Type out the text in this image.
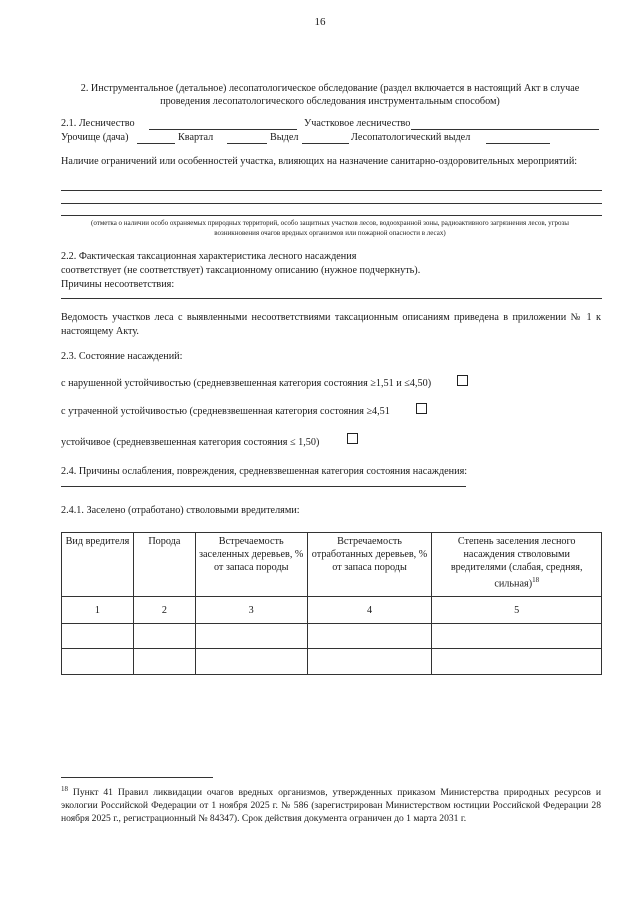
16
2. Инструментальное (детальное) лесопатологическое обследование (раздел включается в настоящий Акт в случае проведения лесопатологического обследования инструментальным способом)
2.1. Лесничество	Участковое лесничество
Урочище (дача)	Квартал	Выдел	Лесопатологический выдел
Наличие ограничений или особенностей участка, влияющих на назначение санитарно-оздоровительных мероприятий:
(отметка о наличии особо охраняемых природных территорий, особо защитных участков лесов, водоохранной зоны, радиоактивного загрязнения лесов, угрозы возникновения очагов вредных организмов или пожарной опасности в лесах)
2.2. Фактическая таксационная характеристика лесного насаждения
соответствует (не соответствует) таксационному описанию (нужное подчеркнуть).
Причины несоответствия:
Ведомость участков леса с выявленными несоответствиями таксационным описаниям приведена в приложении № 1 к настоящему Акту.
2.3. Состояние насаждений:
с нарушенной устойчивостью (средневзвешенная категория состояния ≥1,51 и ≤4,50)
с утраченной устойчивостью (средневзвешенная категория состояния ≥4,51
устойчивое (средневзвешенная категория состояния ≤ 1,50)
2.4. Причины ослабления, повреждения, средневзвешенная категория состояния насаждения:
2.4.1. Заселено (отработано) стволовыми вредителями:
Вид вредителя	Порода	Встречаемость заселенных деревьев, % от запаса породы	Встречаемость отработанных деревьев, % от запаса породы	Степень заселения лесного насаждения стволовыми вредителями (слабая, средняя, сильная)$^{18}$
1	2	3	4	5

$^{18}$ Пункт 41 Правил ликвидации очагов вредных организмов, утвержденных приказом Министерства природных ресурсов и экологии Российской Федерации от 1 ноября 2025 г. № 586 (зарегистрирован Министерством юстиции Российской Федерации 28 ноября 2025 г., регистрационный № 84347). Срок действия документа ограничен до 1 марта 2031 г.
